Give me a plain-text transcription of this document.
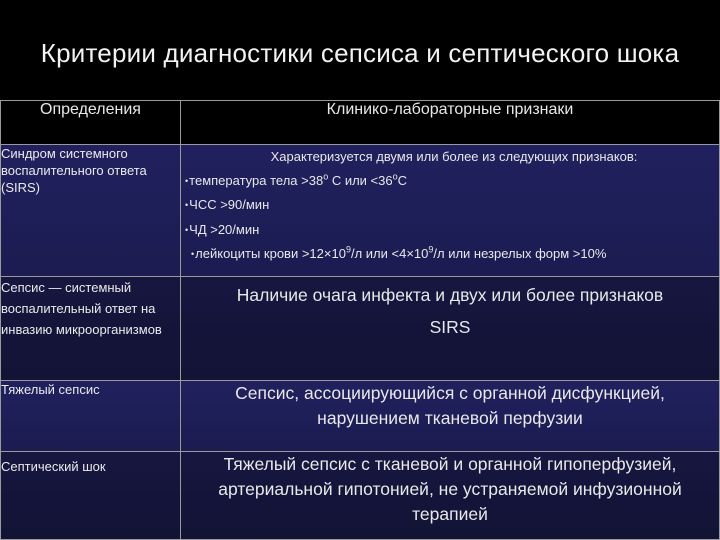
Критерии диагностики сепсиса и септического шока
Определения	Клинико-лабораторные признаки
Синдром системного воспалительного ответа (SIRS)	Характеризуется двумя или более из следующих признаков:
•температура тела $>38^о$ С или $<36^оС$
•ЧСС >90/мин
•ЧД >20/мин
•лейкоциты крови $>12\times 10^9/л$ или $<4\times 10^9/л$ или незрелых форм >10%

Сепсис — системный воспалительный ответ на инвазию микроорганизмов	Наличие очага инфекта и двух или более признаков SIRS
Тяжелый сепсис	Сепсис, ассоциирующийся с органной дисфункцией, нарушением тканевой перфузии
Септический шок	Тяжелый сепсис с тканевой и органной гипоперфузией, артериальной гипотонией, не устраняемой инфузионной терапией
